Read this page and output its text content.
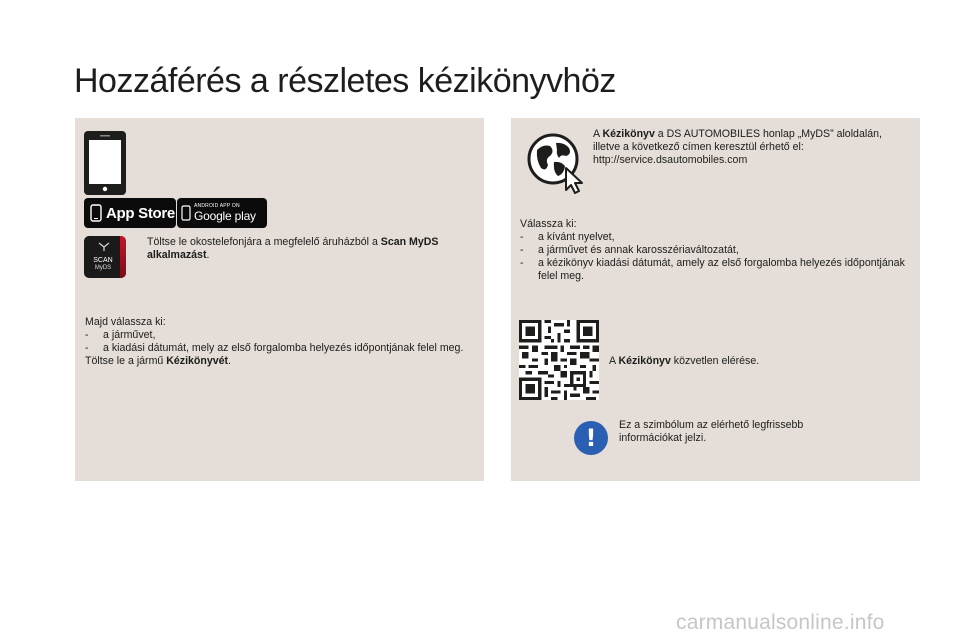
Hozzáférés a részletes kézikönyvhöz
App Store	ANDROID APP ON
Google play
SCAN
MyDS
Töltse le okostelefonjára a megfelelő áruházból a Scan MyDS alkalmazást.
Majd válassza ki:
- a járművet,
- a kiadási dátumát, mely az első forgalomba helyezés időpontjának felel meg.
Töltse le a jármű Kézikönyvét.
A Kézikönyv a DS AUTOMOBILES honlap „MyDS” aloldalán, illetve a következő címen keresztül érhető el:
http://service.dsautomobiles.com
Válassza ki:
- a kívánt nyelvet,
- a járművet és annak karosszériaváltozatát,
- a kézikönyv kiadási dátumát, amely az első forgalomba helyezés időpontjának felel meg.
A Kézikönyv közvetlen elérése.
! Ez a szimbólum az elérhető legfrissebb információkat jelzi.
carmanualsonline.info
